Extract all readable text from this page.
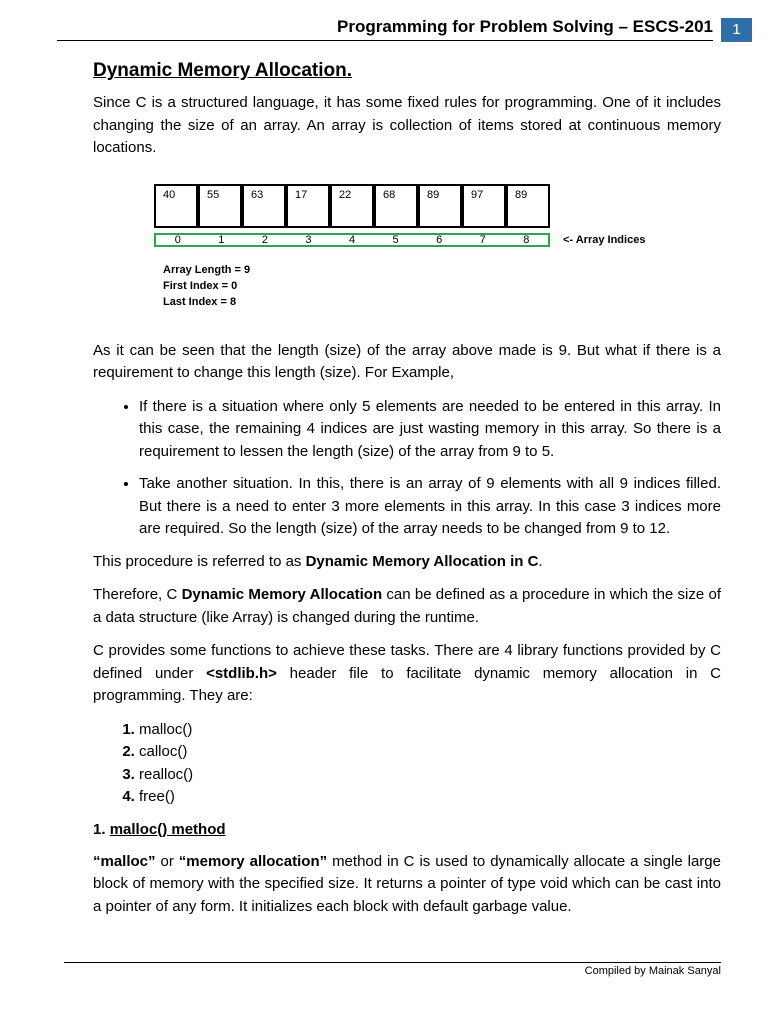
Programming for Problem Solving – ESCS-201	1
Dynamic Memory Allocation.

Since C is a structured language, it has some fixed rules for programming. One of it includes changing the size of an array. An array is collection of items stored at continuous memory locations.

40	55	63	17	22	68	89	97	89
0	1	2	3	4	5	6	7	8	<- Array Indices
Array Length = 9
First Index = 0
Last Index = 8

As it can be seen that the length (size) of the array above made is 9. But what if there is a requirement to change this length (size). For Example,

• If there is a situation where only 5 elements are needed to be entered in this array. In this case, the remaining 4 indices are just wasting memory in this array. So there is a requirement to lessen the length (size) of the array from 9 to 5.
• Take another situation. In this, there is an array of 9 elements with all 9 indices filled. But there is a need to enter 3 more elements in this array. In this case 3 indices more are required. So the length (size) of the array needs to be changed from 9 to 12.

This procedure is referred to as Dynamic Memory Allocation in C.

Therefore, C Dynamic Memory Allocation can be defined as a procedure in which the size of a data structure (like Array) is changed during the runtime.

C provides some functions to achieve these tasks. There are 4 library functions provided by C defined under <stdlib.h> header file to facilitate dynamic memory allocation in C programming. They are:

1. malloc()
2. calloc()
3. realloc()
4. free()
1. malloc() method

“malloc” or “memory allocation” method in C is used to dynamically allocate a single large block of memory with the specified size. It returns a pointer of type void which can be cast into a pointer of any form. It initializes each block with default garbage value.

Compiled by Mainak Sanyal
